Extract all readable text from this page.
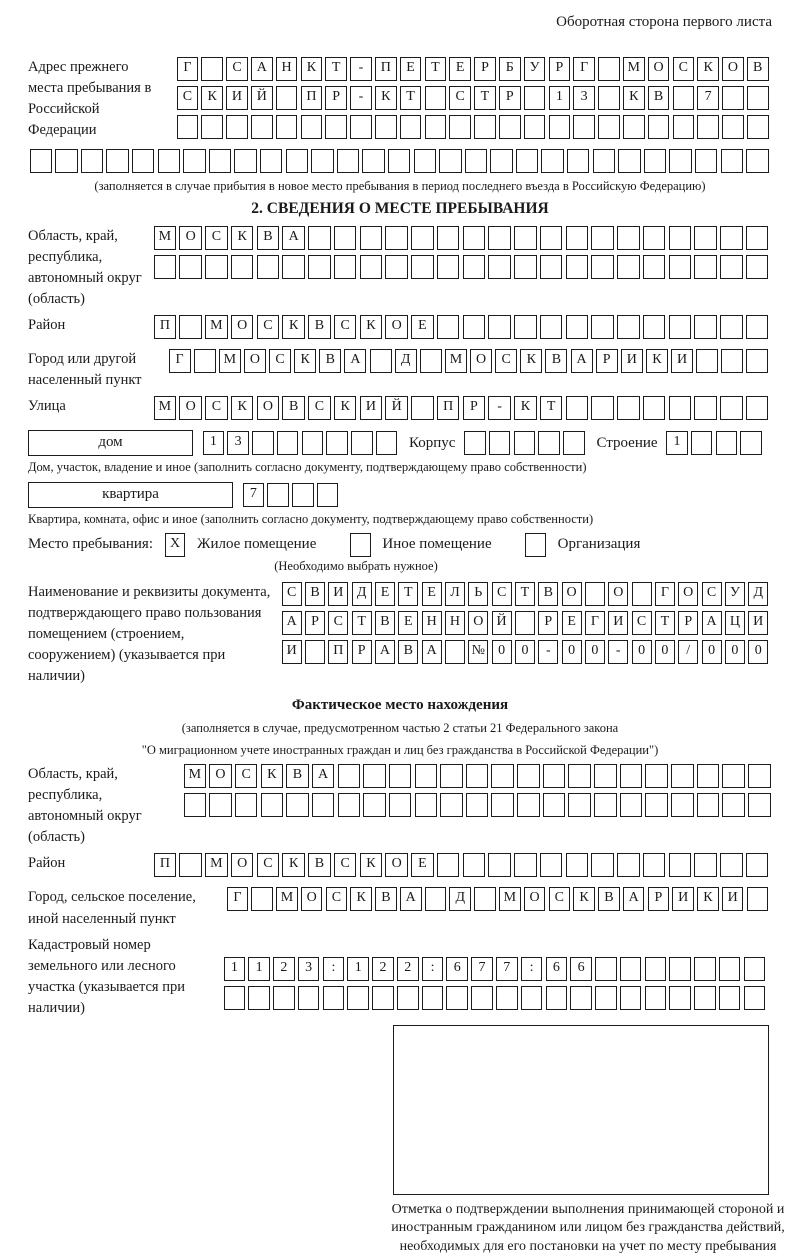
Оборотная сторона первого листа
Адрес прежнего места пребывания в Российской Федерации
Г	С	А	Н	К	Т	-	П	Е	Т	Е	Р	Б	У	Р	Г	М О	С	К	О	В
С	К	И	Й	П	Р	-	К	Т	С	Т	Р	1	3	К	В	7
(заполняется в случае прибытия в новое место пребывания в период последнего въезда в Российскую Федерацию)
2. СВЕДЕНИЯ О МЕСТЕ ПРЕБЫВАНИЯ
Область, край, республика, автономный округ (область)
М	О	С	К	В	А
Район	П	М	О	С	К	В	С	К	О	Е
Город или другой населенный пункт
Г	М О	С	К	В	А	Д	М О	С	К	В	А	Р	И	К	И
Улица	М	О	С	К	О	В	С	К	И	Й	П	Р	-	К	Т
дом	1	3	Корпус	Строение	1
Дом, участок, владение и иное (заполнить согласно документу, подтверждающему право собственности)
квартира	7
Квартира, комната, офис и иное (заполнить согласно документу, подтверждающему право собственности)
Место пребывания:	X	Жилое помещение	Иное помещение	Организация
(Необходимо выбрать нужное)
Наименование и реквизиты документа, подтверждающего право пользования помещением (строением, сооружением) (указывается при наличии)
С В И Д	Е	Т	Е	Л	Ь	С	Т	В О	О	Г	О С У Д
А	Р	С	Т	В	Е Н Н О Й	Р	Е	Г	И С	Т	Р	А Ц И
И	П	Р	А В А	№ 0	0	-	0	0	-	0	0	/	0	0	0
Фактическое место нахождения
(заполняется в случае, предусмотренном частью 2 статьи 21 Федерального закона
"О миграционном учете иностранных граждан и лиц без гражданства в Российской Федерации")
Область, край, республика, автономный округ (область)
М	О	С	К	В	А
Район	П	М	О	С	К	В	С	К	О	Е
Город, сельское поселение, иной населенный пункт
Г	М О	С	К	В	А	Д	М О	С	К	В	А	Р	И	К	И
Кадастровый номер земельного или лесного участка (указывается при наличии)
1	1	2	3	:	1	2	2	:	6	7	7	:	6	6
Отметка о подтверждении выполнения принимающей стороной и иностранным гражданином или лицом без гражданства действий, необходимых для его постановки на учет по месту пребывания
